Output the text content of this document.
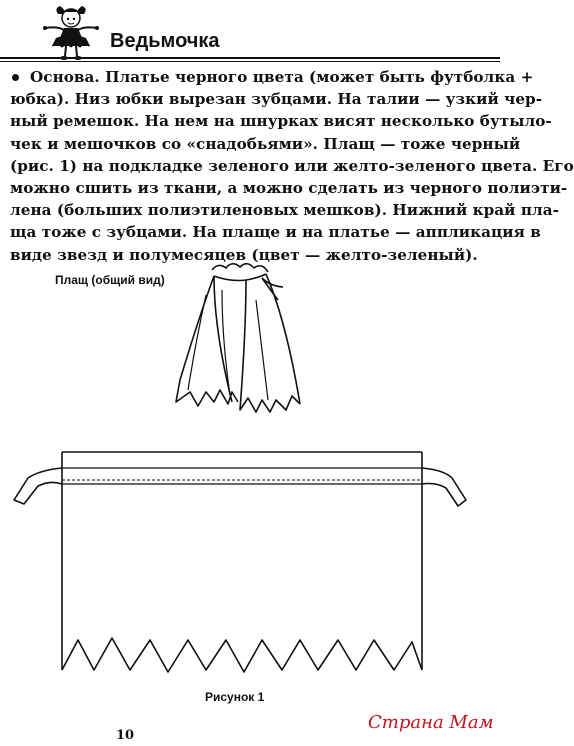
Ведьмочка
Основа. Платье черного цвета (может быть футболка +
юбка). Низ юбки вырезан зубцами. На талии — узкий чер-
ный ремешок. На нем на шнурках висят несколько бутыло-
чек и мешочков со «снадобьями». Плащ — тоже черный
(рис. 1) на подкладке зеленого или желто-зеленого цвета. Его
можно сшить из ткани, а можно сделать из черного полиэти-
лена (больших полиэтиленовых мешков). Нижний край пла-
ща тоже с зубцами. На плаще и на платье — аппликация в
виде звезд и полумесяцев (цвет — желто-зеленый).
Плащ (общий вид)
Рисунок 1
10
Страна Мам
